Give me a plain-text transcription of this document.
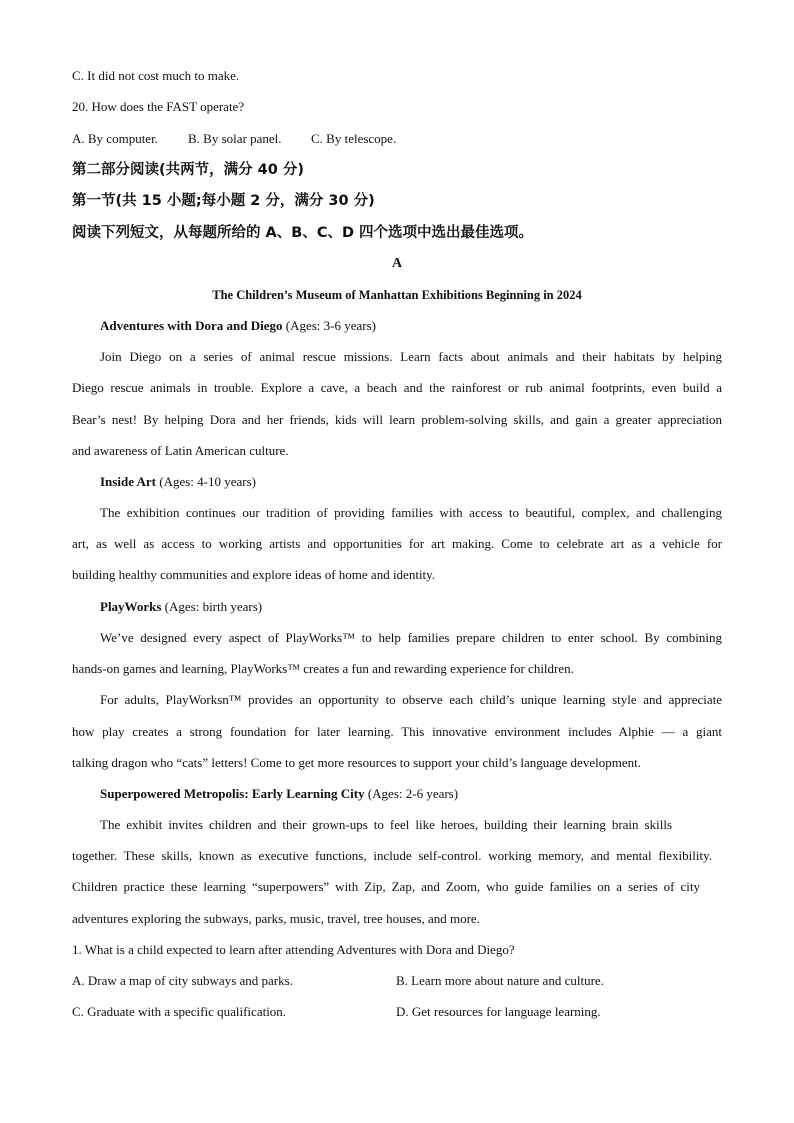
C. It did not cost much to make.
20. How does the FAST operate?
A. By computer. B. By solar panel. C. By telescope.
第二部分阅读(共两节，满分 40 分)
第一节(共 15 小题;每小题 2 分，满分 30 分)
阅读下列短文，从每题所给的 A、B、C、D 四个选项中选出最佳选项。
A
The Children’s Museum of Manhattan Exhibitions Beginning in 2024
Adventures with Dora and Diego (Ages: 3-6 years)
Join Diego on a series of animal rescue missions. Learn facts about animals and their habitats by helping
Diego rescue animals in trouble. Explore a cave, a beach and the rainforest or rub animal footprints, even build a
Bear’s nest! By helping Dora and her friends, kids will learn problem-solving skills, and gain a greater appreciation
and awareness of Latin American culture.
Inside Art (Ages: 4-10 years)
The exhibition continues our tradition of providing families with access to beautiful, complex, and challenging
art, as well as access to working artists and opportunities for art making. Come to celebrate art as a vehicle for
building healthy communities and explore ideas of home and identity.
PlayWorks (Ages: birth years)
We’ve designed every aspect of PlayWorks™ to help families prepare children to enter school. By combining
hands-on games and learning, PlayWorks™ creates a fun and rewarding experience for children.
For adults, PlayWorksn™ provides an opportunity to observe each child’s unique learning style and appreciate
how play creates a strong foundation for later learning. This innovative environment includes Alphie — a giant
talking dragon who “cats” letters! Come to get more resources to support your child’s language development.
Superpowered Metropolis: Early Learning City (Ages: 2-6 years)
The exhibit invites children and their grown-ups to feel like heroes, building their learning brain skills
together. These skills, known as executive functions, include self-control. working memory, and mental flexibility.
Children practice these learning “superpowers” with Zip, Zap, and Zoom, who guide families on a series of city
adventures exploring the subways, parks, music, travel, tree houses, and more.
1. What is a child expected to learn after attending Adventures with Dora and Diego?
A. Draw a map of city subways and parks.	B. Learn more about nature and culture.
C. Graduate with a specific qualification.	D. Get resources for language learning.
